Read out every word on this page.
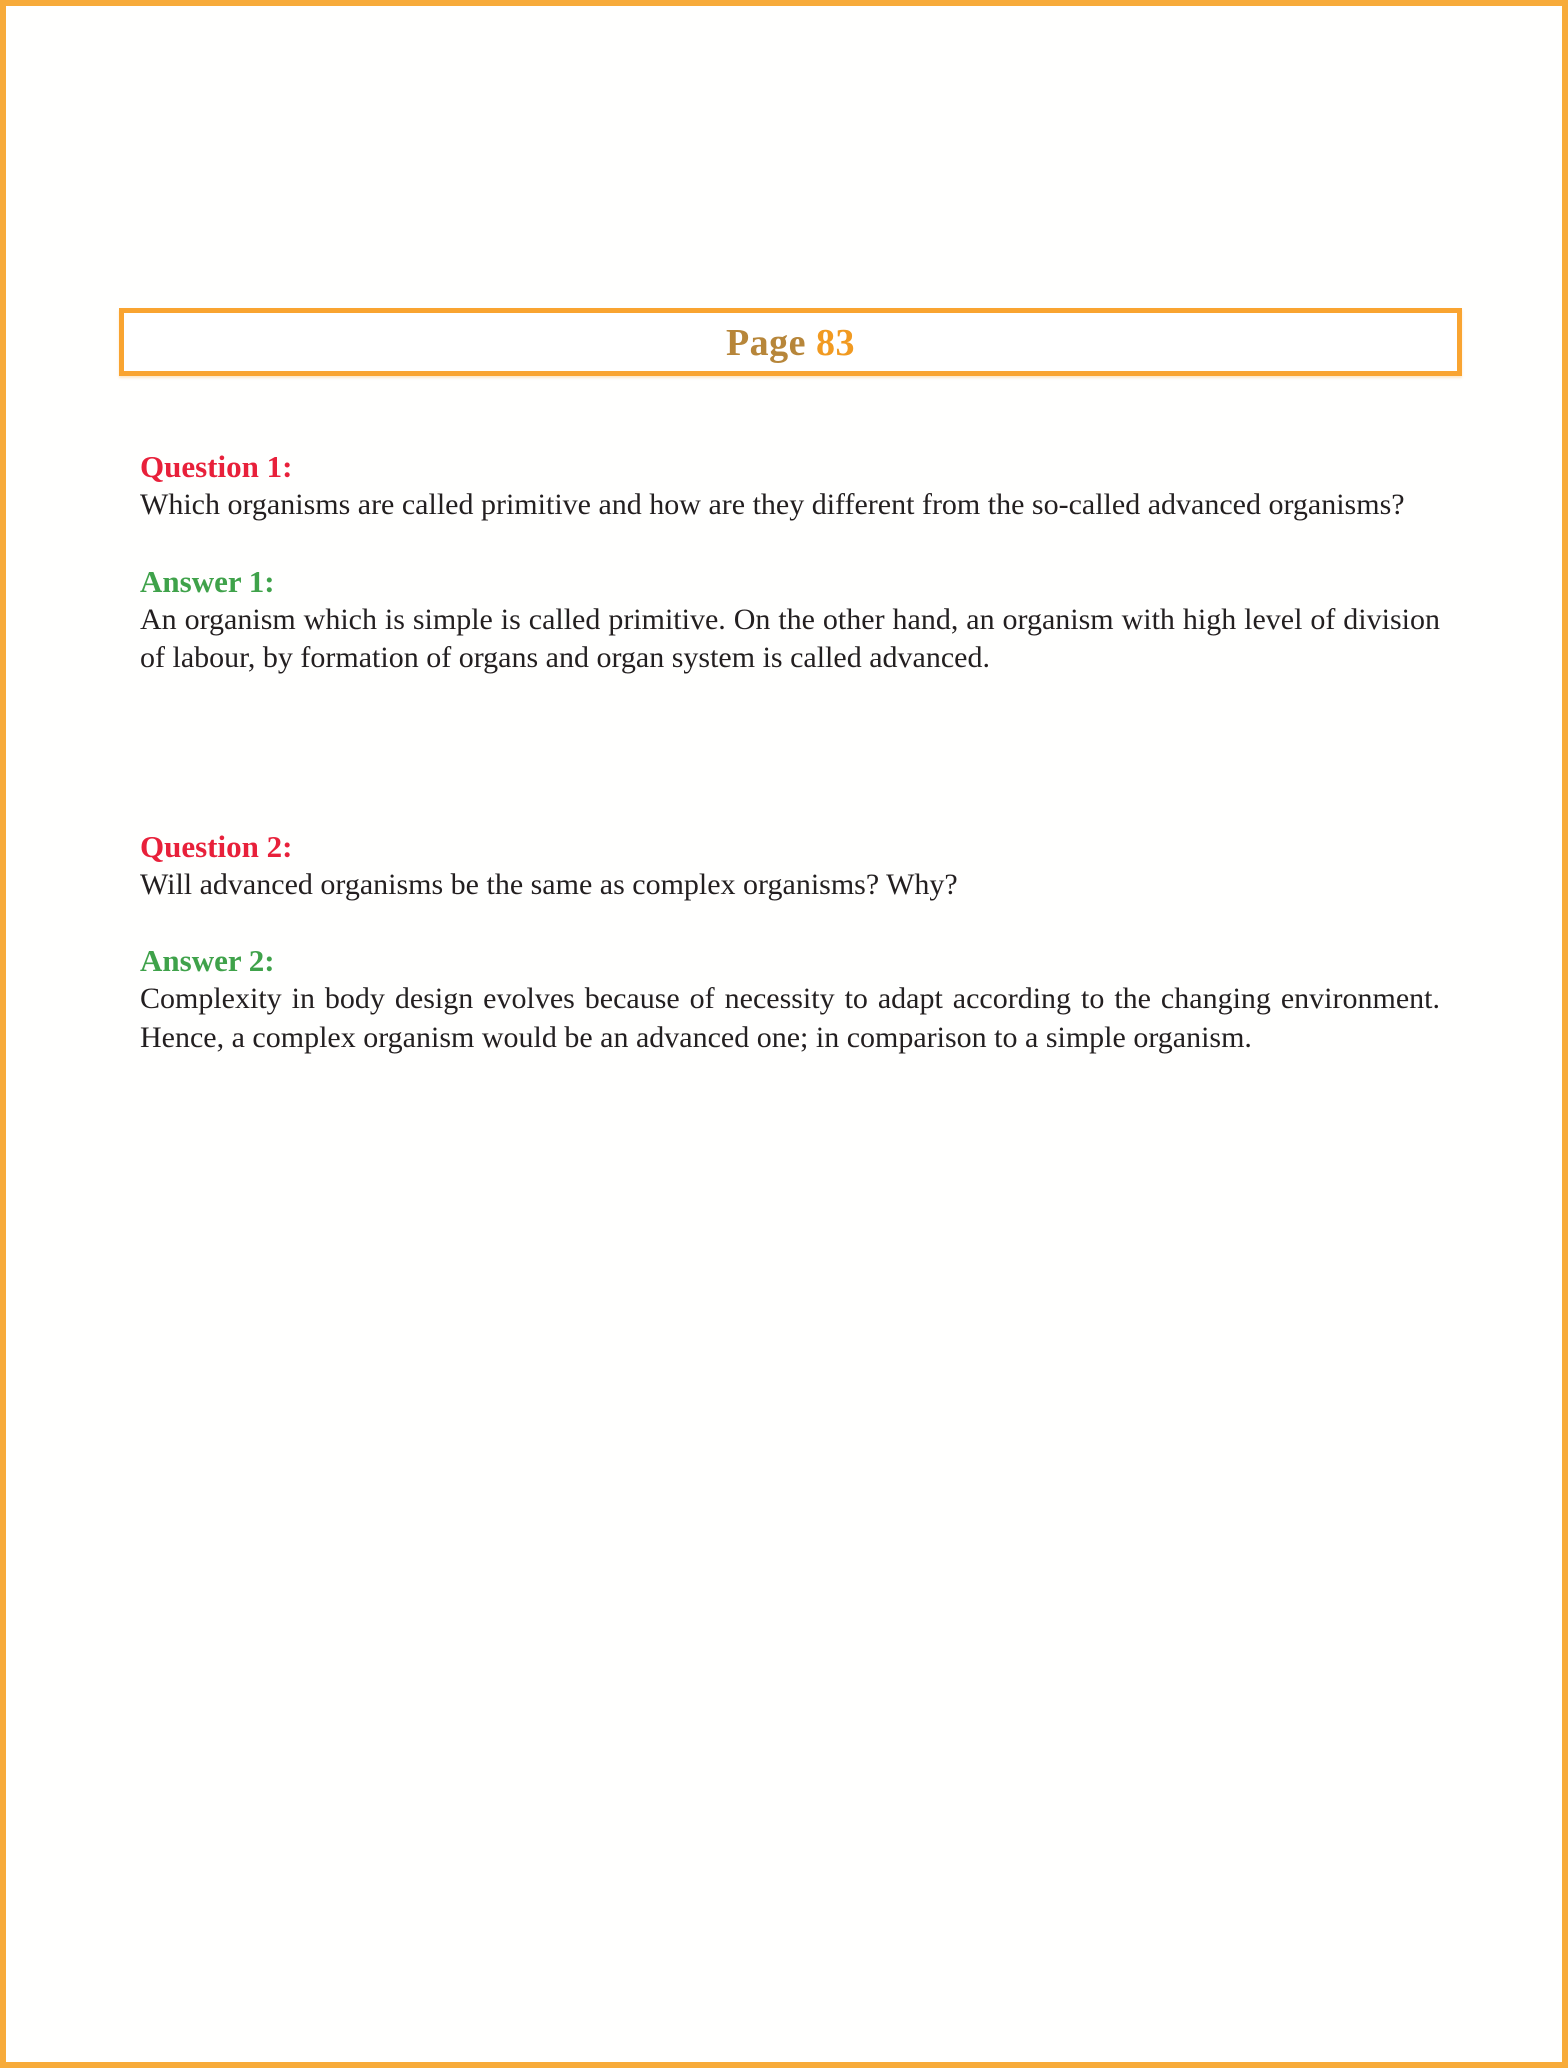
Page 83

Question 1:

Which organisms are called primitive and how are they different from the so-called advanced organisms?

Answer 1:

An organism which is simple is called primitive. On the other hand, an organism with high level of division of labour, by formation of organs and organ system is called advanced.

Question 2:

Will advanced organisms be the same as complex organisms? Why?

Answer 2:

Complexity in body design evolves because of necessity to adapt according to the changing environment. Hence, a complex organism would be an advanced one; in comparison to a simple organism.
